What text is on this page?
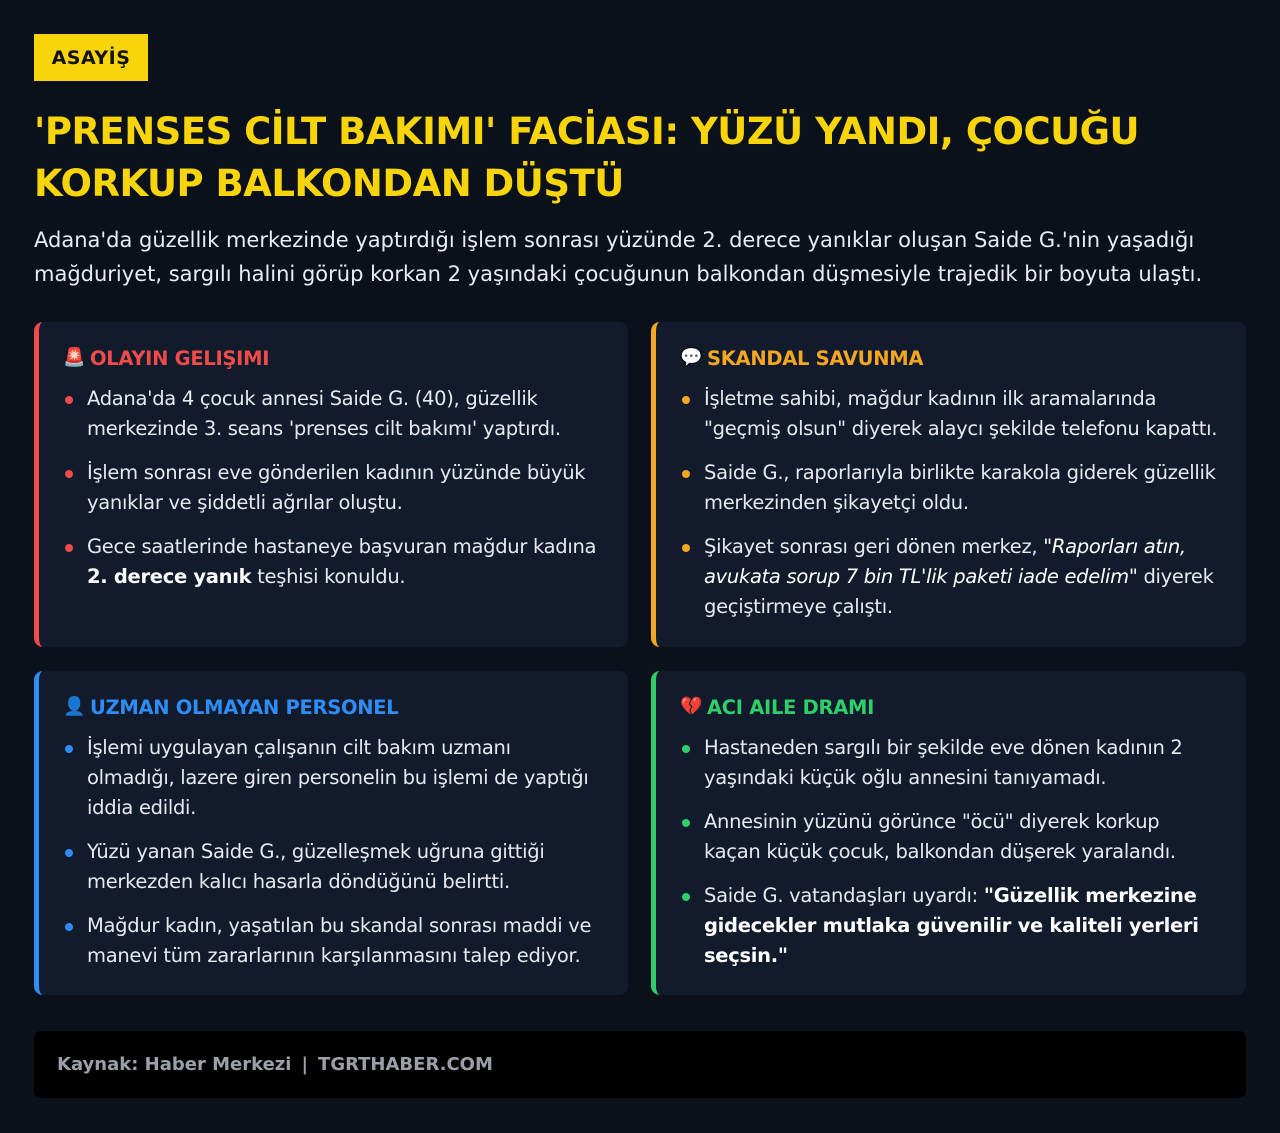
ASAYİŞ
'PRENSES CİLT BAKIMI' FACİASI: YÜZÜ YANDI, ÇOCUĞU KORKUP BALKONDAN DÜŞTÜ

Adana'da güzellik merkezinde yaptırdığı işlem sonrası yüzünde 2. derece yanıklar oluşan Saide G.'nin yaşadığı mağduriyet, sargılı halini görüp korkan 2 yaşındaki çocuğunun balkondan düşmesiyle trajedik bir boyuta ulaştı.

🚨 OLAYIN GELIŞIMI
Adana'da 4 çocuk annesi Saide G. (40), güzellik merkezinde 3. seans 'prenses cilt bakımı' yaptırdı.
İşlem sonrası eve gönderilen kadının yüzünde büyük yanıklar ve şiddetli ağrılar oluştu.
Gece saatlerinde hastaneye başvuran mağdur kadına 2. derece yanık teşhisi konuldu.
💬 SKANDAL SAVUNMA
İşletme sahibi, mağdur kadının ilk aramalarında "geçmiş olsun" diyerek alaycı şekilde telefonu kapattı.
Saide G., raporlarıyla birlikte karakola giderek güzellik merkezinden şikayetçi oldu.
Şikayet sonrası geri dönen merkez, "Raporları atın, avukata sorup 7 bin TL'lik paketi iade edelim" diyerek geçiştirmeye çalıştı.
👤 UZMAN OLMAYAN PERSONEL
İşlemi uygulayan çalışanın cilt bakım uzmanı olmadığı, lazere giren personelin bu işlemi de yaptığı iddia edildi.
Yüzü yanan Saide G., güzelleşmek uğruna gittiği merkezden kalıcı hasarla döndüğünü belirtti.
Mağdur kadın, yaşatılan bu skandal sonrası maddi ve manevi tüm zararlarının karşılanmasını talep ediyor.
💔 ACI AILE DRAMI
Hastaneden sargılı bir şekilde eve dönen kadının 2 yaşındaki küçük oğlu annesini tanıyamadı.
Annesinin yüzünü görünce "öcü" diyerek korkup kaçan küçük çocuk, balkondan düşerek yaralandı.
Saide G. vatandaşları uyardı: "Güzellik merkezine gidecekler mutlaka güvenilir ve kaliteli yerleri seçsin."
Kaynak: Haber Merkezi | TGRTHABER.COM
